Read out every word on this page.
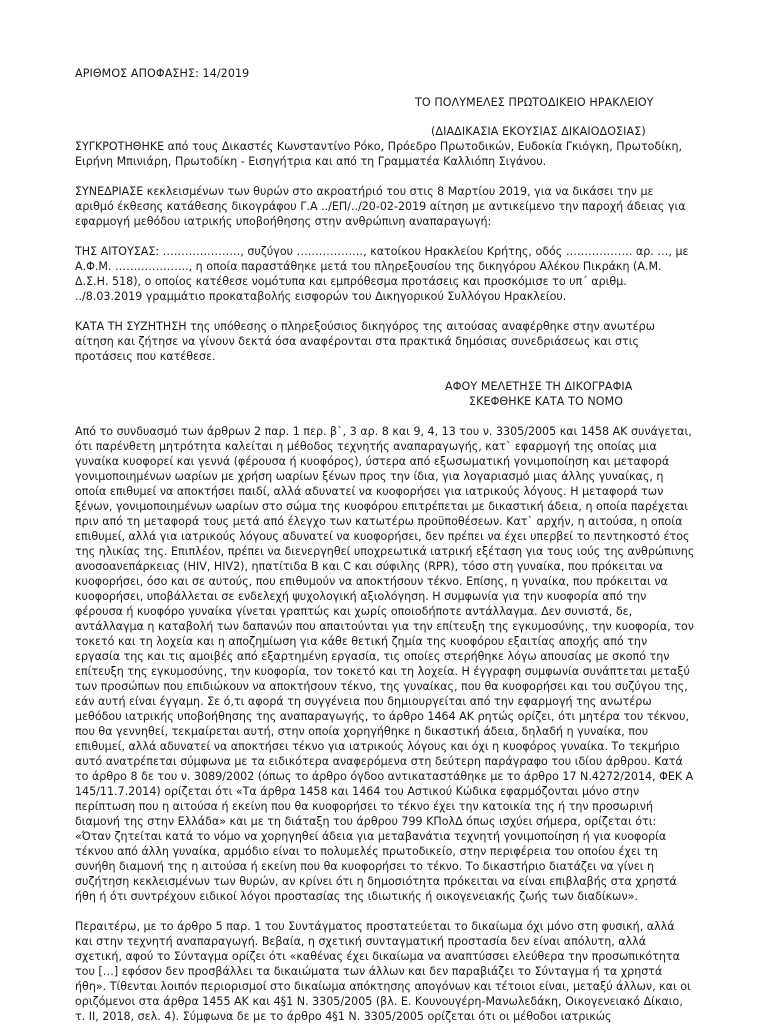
ΑΡΙΘΜΟΣ ΑΠΟΦΑΣΗΣ: 14/2019

ΤΟ ΠΟΛΥΜΕΛΕΣ ΠΡΩΤΟΔΙΚΕΙΟ ΗΡΑΚΛΕΙΟΥ

(ΔΙΑΔΙΚΑΣΙΑ ΕΚΟΥΣΙΑΣ ΔΙΚΑΙΟΔΟΣΙΑΣ)

ΣΥΓΚΡΟΤΗΘΗΚΕ από τους Δικαστές Κωνσταντίνο Ρόκο, Πρόεδρο Πρωτοδικών, Ευδοκία Γκιόγκη, Πρωτοδίκη, Ειρήνη Μπινιάρη, Πρωτοδίκη - Εισηγήτρια και από τη Γραμματέα Καλλιόπη Σιγάνου.

ΣΥΝΕΔΡΙΑΣΕ κεκλεισμένων των θυρών στο ακροατήριό του στις 8 Μαρτίου 2019, για να δικάσει την με αριθμό έκθεσης κατάθεσης δικογράφου Γ.Α ../ΕΠ/../20-02-2019 αίτηση με αντικείμενο την παροχή άδειας για εφαρμογή μεθόδου ιατρικής υποβοήθησης στην ανθρώπινη αναπαραγωγή:

ΤΗΣ ΑΙΤΟΥΣΑΣ: …………………, συζύγου ………………, κατοίκου Ηρακλείου Κρήτης, οδός ……………… αρ. …, με Α.Φ.Μ. ……………….., η οποία παραστάθηκε μετά του πληρεξουσίου της δικηγόρου Αλέκου Πικράκη (Α.Μ. Δ.Σ.Η. 518), ο οποίος κατέθεσε νομότυπα και εμπρόθεσμα προτάσεις και προσκόμισε το υπ΄ αριθμ. ../8.03.2019 γραμμάτιο προκαταβολής εισφορών του Δικηγορικού Συλλόγου Ηρακλείου.

ΚΑΤΑ ΤΗ ΣΥΖΗΤΗΣΗ της υπόθεσης ο πληρεξούσιος δικηγόρος της αιτούσας αναφέρθηκε στην ανωτέρω αίτηση και ζήτησε να γίνουν δεκτά όσα αναφέρονται στα πρακτικά δημόσιας συνεδριάσεως και στις προτάσεις που κατέθεσε.

ΑΦΟΥ ΜΕΛΕΤΗΣΕ ΤΗ ΔΙΚΟΓΡΑΦΙΑ

ΣΚΕΦΘΗΚΕ ΚΑΤΑ ΤΟ ΝΟΜΟ

Από το συνδυασμό των άρθρων 2 παρ. 1 περ. β`, 3 αρ. 8 και 9, 4, 13 του ν. 3305/2005 και 1458 ΑΚ συνάγεται, ότι παρένθετη μητρότητα καλείται η μέθοδος τεχνητής αναπαραγωγής, κατ` εφαρμογή της οποίας μια γυναίκα κυοφορεί και γεννά (φέρουσα ή κυοφόρος), ύστερα από εξωσωματική γονιμοποίηση και μεταφορά γονιμοποιημένων ωαρίων με χρήση ωαρίων ξένων προς την ίδια, για λογαριασμό μιας άλλης γυναίκας, η οποία επιθυμεί να αποκτήσει παιδί, αλλά αδυνατεί να κυοφορήσει για ιατρικούς λόγους. Η μεταφορά των ξένων, γονιμοποιημένων ωαρίων στο σώμα της κυοφόρου επιτρέπεται με δικαστική άδεια, η οποία παρέχεται πριν από τη μεταφορά τους μετά από έλεγχο των κατωτέρω προϋποθέσεων. Κατ` αρχήν, η αιτούσα, η οποία επιθυμεί, αλλά για ιατρικούς λόγους αδυνατεί να κυοφορήσει, δεν πρέπει να έχει υπερβεί το πεντηκοστό έτος της ηλικίας της. Επιπλέον, πρέπει να διενεργηθεί υποχρεωτικά ιατρική εξέταση για τους ιούς της ανθρώπινης ανοσοανεπάρκειας (HIV, HIV2), ηπατίτιδα Β και C και σύφιλης (RPR), τόσο στη γυναίκα, που πρόκειται να κυοφορήσει, όσο και σε αυτούς, που επιθυμούν να αποκτήσουν τέκνο. Επίσης, η γυναίκα, που πρόκειται να κυοφορήσει, υποβάλλεται σε ενδελεχή ψυχολογική αξιολόγηση. Η συμφωνία για την κυοφορία από την φέρουσα ή κυοφόρο γυναίκα γίνεται γραπτώς και χωρίς οποιοδήποτε αντάλλαγμα. Δεν συνιστά, δε, αντάλλαγμα η καταβολή των δαπανών που απαιτούνται για την επίτευξη της εγκυμοσύνης, την κυοφορία, τον τοκετό και τη λοχεία και η αποζημίωση για κάθε θετική ζημία της κυοφόρου εξαιτίας αποχής από την εργασία της και τις αμοιβές από εξαρτημένη εργασία, τις οποίες στερήθηκε λόγω απουσίας με σκοπό την επίτευξη της εγκυμοσύνης, την κυοφορία, τον τοκετό και τη λοχεία. Η έγγραφη συμφωνία συνάπτεται μεταξύ των προσώπων που επιδιώκουν να αποκτήσουν τέκνο, της γυναίκας, που θα κυοφορήσει και του συζύγου της, εάν αυτή είναι έγγαμη. Σε ό,τι αφορά τη συγγένεια που δημιουργείται από την εφαρμογή της ανωτέρω μεθόδου ιατρικής υποβοήθησης της αναπαραγωγής, το άρθρο 1464 ΑΚ ρητώς ορίζει, ότι μητέρα του τέκνου, που θα γεννηθεί, τεκμαίρεται αυτή, στην οποία χορηγήθηκε η δικαστική άδεια, δηλαδή η γυναίκα, που επιθυμεί, αλλά αδυνατεί να αποκτήσει τέκνο για ιατρικούς λόγους και όχι η κυοφόρος γυναίκα. Το τεκμήριο αυτό ανατρέπεται σύμφωνα με τα ειδικότερα αναφερόμενα στη δεύτερη παράγραφο του ιδίου άρθρου. Κατά το άρθρο 8 δε του ν. 3089/2002 (όπως το άρθρο όγδοο αντικαταστάθηκε με το άρθρο 17 Ν.4272/2014, ΦΕΚ Α 145/11.7.2014) ορίζεται ότι «Τα άρθρα 1458 και 1464 του Αστικού Κώδικα εφαρμόζονται μόνο στην περίπτωση που η αιτούσα ή εκείνη που θα κυοφορήσει το τέκνο έχει την κατοικία της ή την προσωρινή διαμονή της στην Ελλάδα» και με τη διάταξη του άρθρου 799 ΚΠολΔ όπως ισχύει σήμερα, ορίζεται ότι: «Όταν ζητείται κατά το νόμο να χορηγηθεί άδεια για μεταβανάτια τεχνητή γονιμοποίηση ή για κυοφορία τέκνου από άλλη γυναίκα, αρμόδιο είναι το πολυμελές πρωτοδικείο, στην περιφέρεια του οποίου έχει τη συνήθη διαμονή της η αιτούσα ή εκείνη που θα κυοφορήσει το τέκνο. Το δικαστήριο διατάζει να γίνει η συζήτηση κεκλεισμένων των θυρών, αν κρίνει ότι η δημοσιότητα πρόκειται να είναι επιβλαβής στα χρηστά ήθη ή ότι συντρέχουν ειδικοί λόγοι προστασίας της ιδιωτικής ή οικογενειακής ζωής των διαδίκων».

Περαιτέρω, με το άρθρο 5 παρ. 1 του Συντάγματος προστατεύεται το δικαίωμα όχι μόνο στη φυσική, αλλά και στην τεχνητή αναπαραγωγή. Βεβαία, η σχετική συνταγματική προστασία δεν είναι απόλυτη, αλλά σχετική, αφού το Σύνταγμα ορίζει ότι «καθένας έχει δικαίωμα να αναπτύσσει ελεύθερα την προσωπικότητα του […] εφόσον δεν προσβάλλει τα δικαιώματα των άλλων και δεν παραβιάζει το Σύνταγμα ή τα χρηστά ήθη». Τίθενται λοιπόν περιορισμοί στο δικαίωμα απόκτησης απογόνων και τέτοιοι είναι, μεταξύ άλλων, και οι οριζόμενοι στα άρθρα 1455 ΑΚ και 4§1 Ν. 3305/2005 (βλ. Ε. Κουνουγέρη-Μανωλεδάκη, Οικογενειακό Δίκαιο, τ. ΙΙ, 2018, σελ. 4). Σύμφωνα δε με το άρθρο 4§1 Ν. 3305/2005 ορίζεται ότι οι μέθοδοι ιατρικώς
